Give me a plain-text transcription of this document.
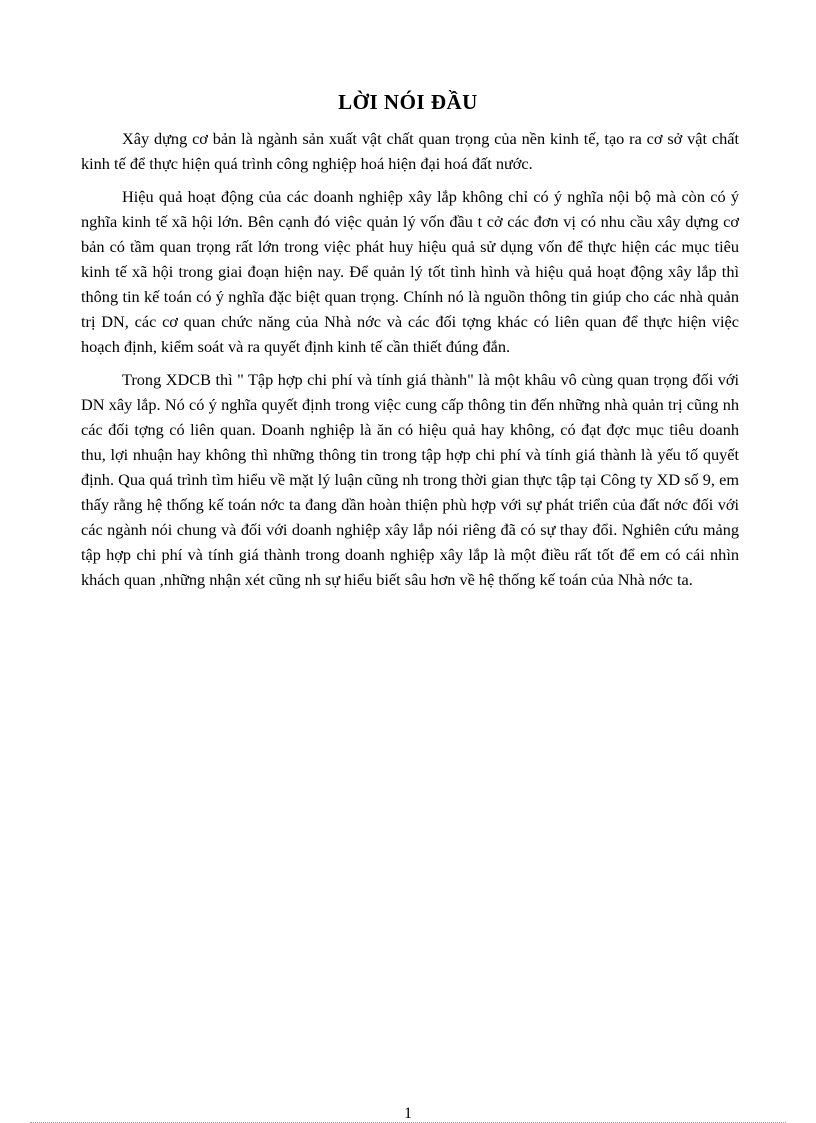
LỜI NÓI ĐẦU

Xây dựng cơ bản là ngành sản xuất vật chất quan trọng của nền kinh tế, tạo ra cơ sở vật chất kinh tế để thực hiện quá trình công nghiệp hoá hiện đại hoá đất nước.

Hiệu quả hoạt động của các doanh nghiệp xây lắp không chỉ có ý nghĩa nội bộ mà còn có ý nghĩa kinh tế xã hội lớn. Bên cạnh đó việc quản lý vốn đầu t cở các đơn vị có nhu cầu xây dựng cơ bản có tầm quan trọng rất lớn trong việc phát huy hiệu quả sử dụng vốn để thực hiện các mục tiêu kinh tế xã hội trong giai đoạn hiện nay. Để quản lý tốt tình hình và hiệu quả hoạt động xây lắp thì thông tin kế toán có ý nghĩa đặc biệt quan trọng. Chính nó là nguồn thông tin giúp cho các nhà quản trị DN, các cơ quan chức năng của Nhà nớc và các đối tợng khác có liên quan để thực hiện việc hoạch định, kiểm soát và ra quyết định kinh tế cần thiết đúng đắn.

Trong XDCB thì " Tập hợp chi phí và tính giá thành" là một khâu vô cùng quan trọng đối với DN xây lắp. Nó có ý nghĩa quyết định trong việc cung cấp thông tin đến những nhà quản trị cũng nh các đối tợng có liên quan. Doanh nghiệp là ăn có hiệu quả hay không, có đạt đợc mục tiêu doanh thu, lợi nhuận hay không thì những thông tin trong tập hợp chi phí và tính giá thành là yếu tố quyết định. Qua quá trình tìm hiểu về mặt lý luận cũng nh trong thời gian thực tập tại Công ty XD số 9, em thấy rằng hệ thống kế toán nớc ta đang dần hoàn thiện phù hợp với sự phát triển của đất nớc đối với các ngành nói chung và đối với doanh nghiệp xây lắp nói riêng đã có sự thay đổi. Nghiên cứu mảng tập hợp chi phí và tính giá thành trong doanh nghiệp xây lắp là một điều rất tốt để em có cái nhìn khách quan ,những nhận xét cũng nh sự hiểu biết sâu hơn về hệ thống kế toán của Nhà nớc ta.

1
